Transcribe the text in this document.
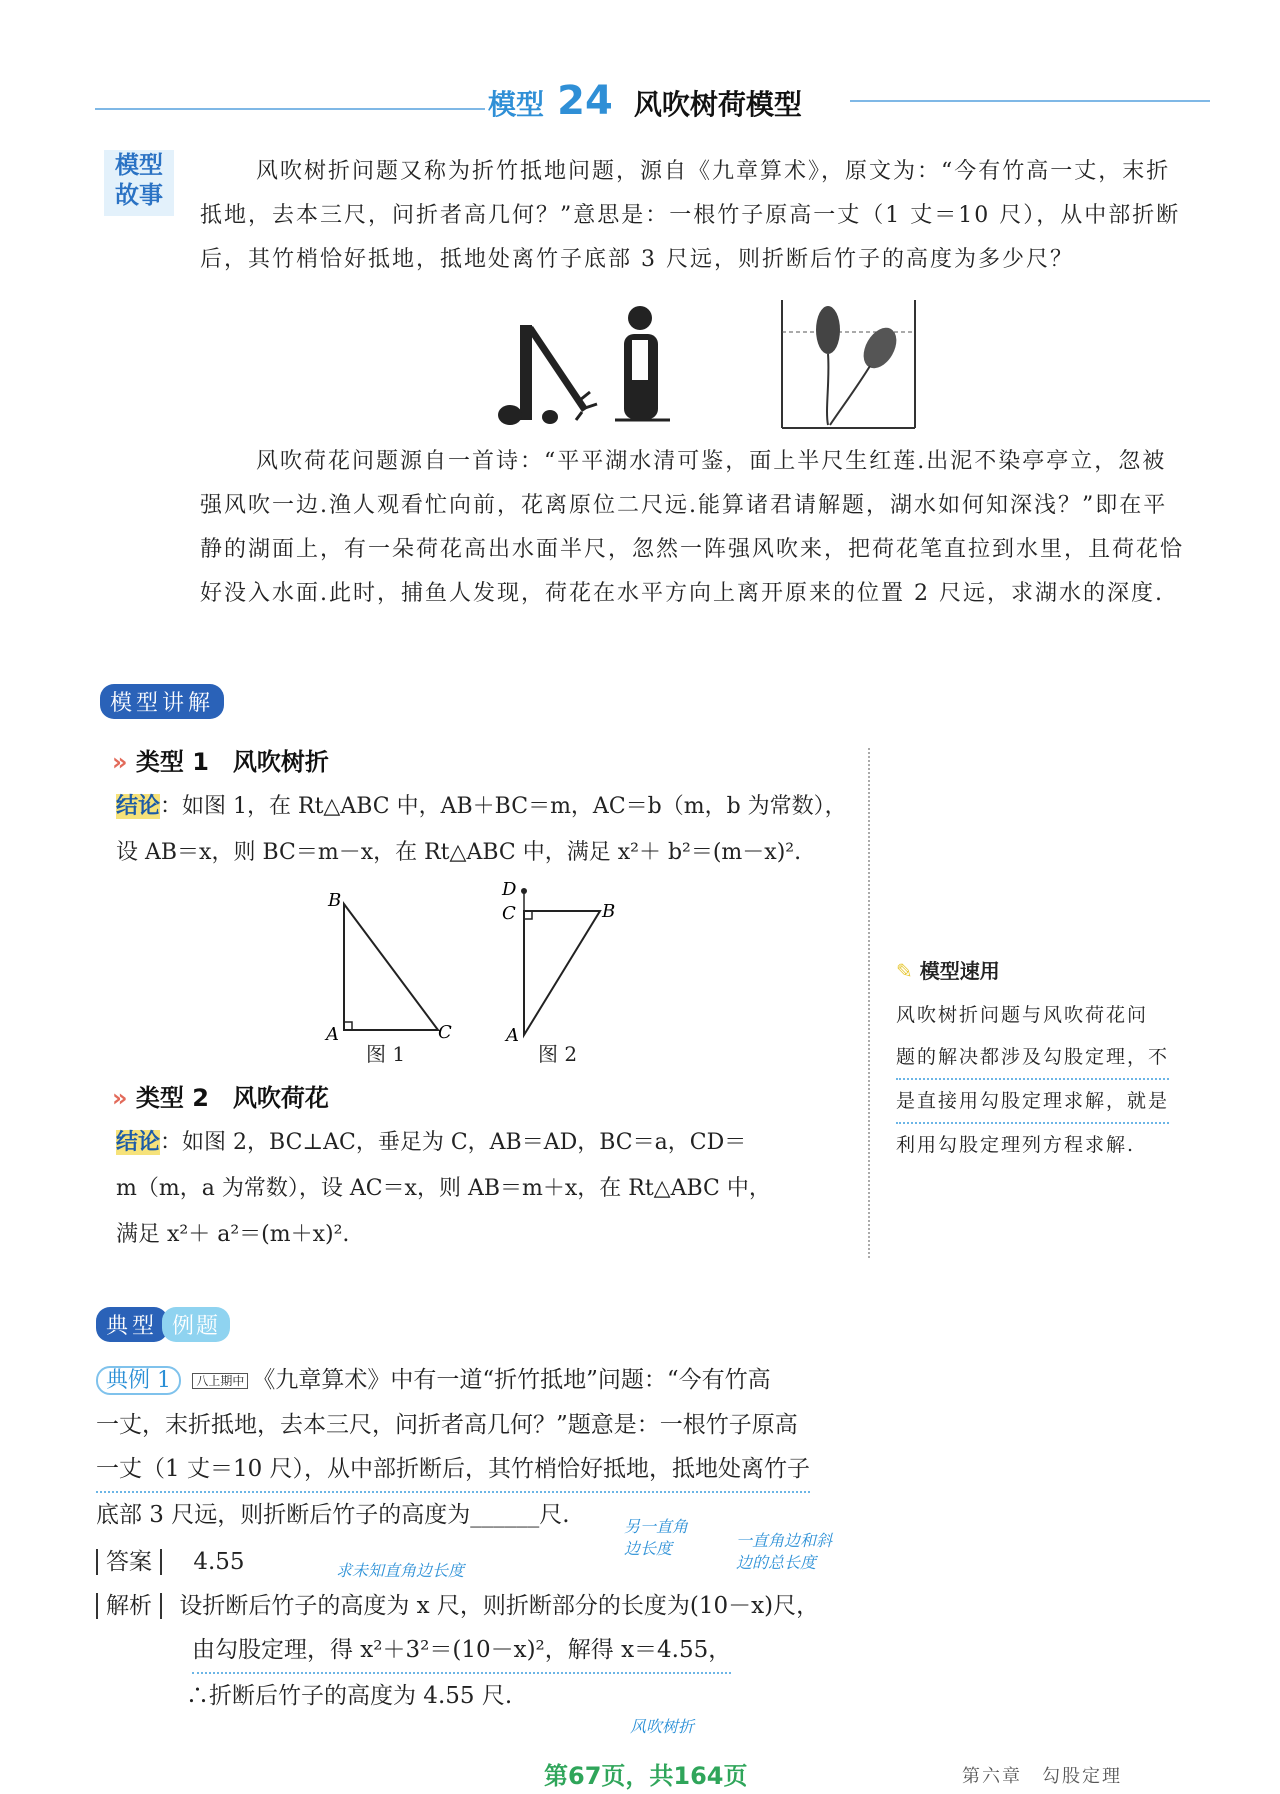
模型 24 风吹树荷模型
模型
故事
风吹树折问题又称为折竹抵地问题，源自《九章算术》，原文为：“今有竹高一丈，末折
抵地，去本三尺，问折者高几何？”意思是：一根竹子原高一丈（1 丈＝10 尺），从中部折断
后，其竹梢恰好抵地，抵地处离竹子底部 3 尺远，则折断后竹子的高度为多少尺？
风吹荷花问题源自一首诗：“平平湖水清可鉴，面上半尺生红莲.出泥不染亭亭立，忽被
强风吹一边.渔人观看忙向前，花离原位二尺远.能算诸君请解题，湖水如何知深浅？”即在平
静的湖面上，有一朵荷花高出水面半尺，忽然一阵强风吹来，把荷花笔直拉到水里，且荷花恰
好没入水面.此时，捕鱼人发现，荷花在水平方向上离开原来的位置 2 尺远，求湖水的深度.
模型讲解
» 类型 1　风吹树折
结论：如图 1，在 Rt△ABC 中，AB＋BC＝m，AC＝b（m，b 为常数），
设 AB＝x，则 BC＝m－x，在 Rt△ABC 中，满足 x²＋ b²＝(m－x)².
B
A	C
图 1
D
C	B
A
图 2
» 类型 2　风吹荷花
结论：如图 2，BC⊥AC，垂足为 C，AB＝AD，BC＝a，CD＝
m（m，a 为常数），设 AC＝x，则 AB＝m＋x，在 Rt△ABC 中，
满足 x²＋ a²＝(m＋x)².
✎ 模型速用
风吹树折问题与风吹荷花问
题的解决都涉及勾股定理，不
是直接用勾股定理求解，就是
利用勾股定理列方程求解.
典型 例题
典例 1 八上期中 《九章算术》中有一道“折竹抵地”问题：“今有竹高
一丈，末折抵地，去本三尺，问折者高几何？”题意是：一根竹子原高
一丈（1 丈＝10 尺），从中部折断后，其竹梢恰好抵地，抵地处离竹子
底部 3 尺远，则折断后竹子的高度为______尺.	另一直角
边长度	一直角边和斜
边的总长度
答案 4.55	求未知直角边长度
解析 设折断后竹子的高度为 x 尺，则折断部分的长度为(10－x)尺，
由勾股定理，得 x²＋3²＝(10－x)²，解得 x＝4.55，
∴折断后竹子的高度为 4.55 尺.
风吹树折
第67页，共164页	第六章　勾股定理
